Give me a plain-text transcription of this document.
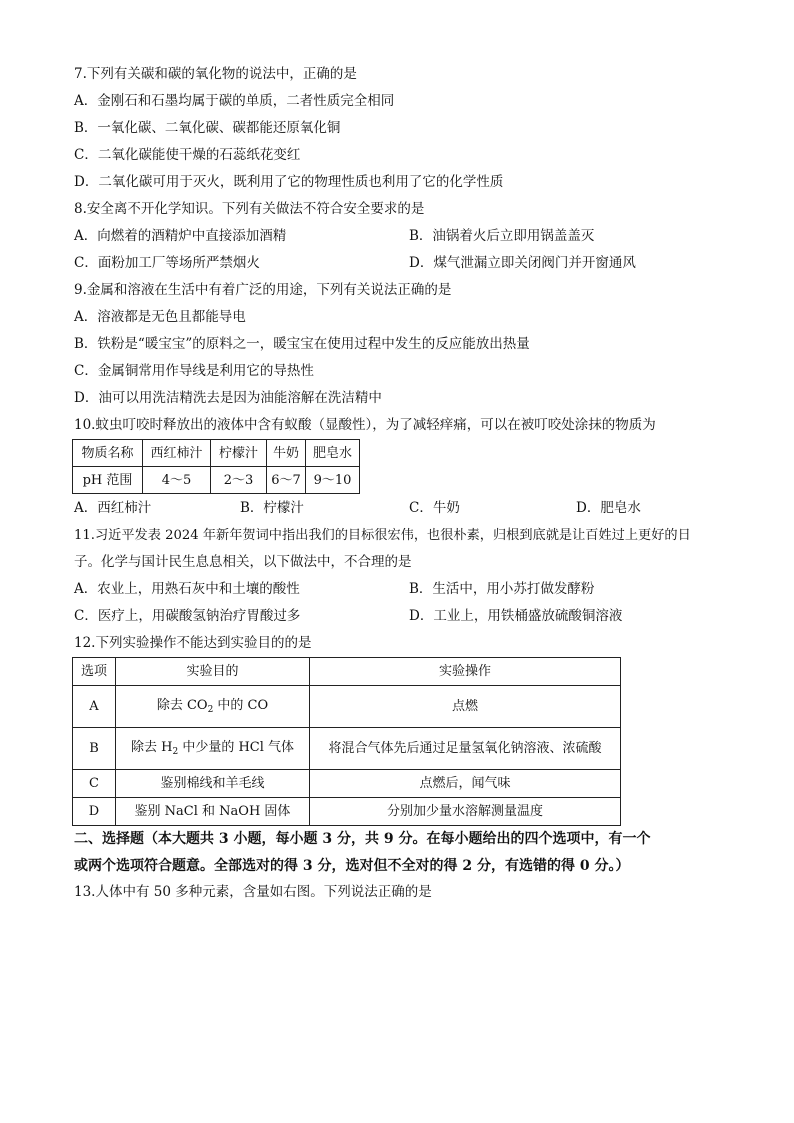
7.下列有关碳和碳的氧化物的说法中，正确的是
A．金刚石和石墨均属于碳的单质，二者性质完全相同
B．一氧化碳、二氧化碳、碳都能还原氧化铜
C．二氧化碳能使干燥的石蕊纸花变红
D．二氧化碳可用于灭火，既利用了它的物理性质也利用了它的化学性质
8.安全离不开化学知识。下列有关做法不符合安全要求的是
A．向燃着的酒精炉中直接添加酒精	B．油锅着火后立即用锅盖盖灭
C．面粉加工厂等场所严禁烟火	D．煤气泄漏立即关闭阀门并开窗通风
9.金属和溶液在生活中有着广泛的用途，下列有关说法正确的是
A．溶液都是无色且都能导电
B．铁粉是“暖宝宝”的原料之一，暖宝宝在使用过程中发生的反应能放出热量
C．金属铜常用作导线是利用它的导热性
D．油可以用洗洁精洗去是因为油能溶解在洗洁精中
10.蚊虫叮咬时释放出的液体中含有蚁酸（显酸性），为了减轻痒痛，可以在被叮咬处涂抹的物质为
物质名称	西红柿汁	柠檬汁	牛奶	肥皂水
pH 范围	4～5	2～3	6～7	9～10
A．西红柿汁	B．柠檬汁	C．牛奶	D．肥皂水
11.习近平发表 2024 年新年贺词中指出我们的目标很宏伟，也很朴素，归根到底就是让百姓过上更好的日
子。化学与国计民生息息相关，以下做法中，不合理的是
A．农业上，用熟石灰中和土壤的酸性	B．生活中，用小苏打做发酵粉
C．医疗上，用碳酸氢钠治疗胃酸过多	D．工业上，用铁桶盛放硫酸铜溶液
12.下列实验操作不能达到实验目的的是
选项	实验目的	实验操作
A	除去 $CO_2$ 中的 CO	点燃
B	除去 $H_2$ 中少量的 HCl 气体	将混合气体先后通过足量氢氧化钠溶液、浓硫酸
C	鉴别棉线和羊毛线	点燃后，闻气味
D	鉴别 NaCl 和 NaOH 固体	分别加少量水溶解测量温度
二、选择题（本大题共 3 小题，每小题 3 分，共 9 分。在每小题给出的四个选项中，有一个
或两个选项符合题意。全部选对的得 3 分，选对但不全对的得 2 分，有选错的得 0 分。）
13.人体中有 50 多种元素，含量如右图。下列说法正确的是
